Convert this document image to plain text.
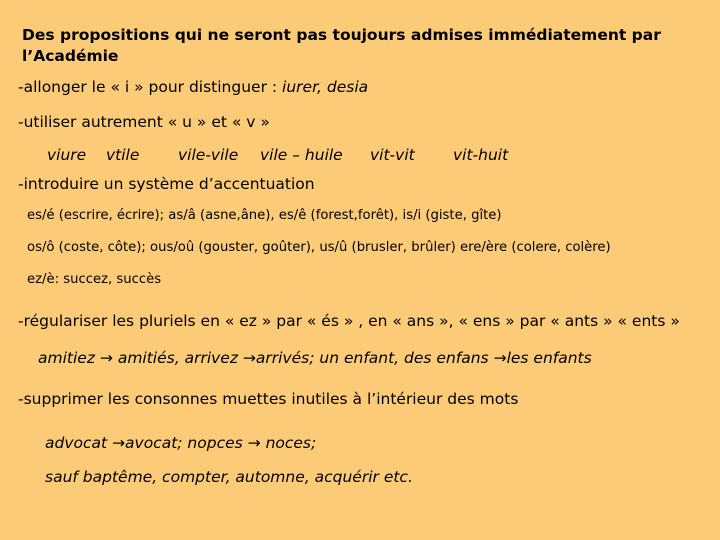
Des propositions qui ne seront pas toujours admises immédiatement par l’Académie
-allonger le « i » pour distinguer : iurer, desia
-utiliser autrement « u » et « v »
viure vtile vile-vile vile – huile vit-vit vit-huit
-introduire un système d’accentuation
es/é (escrire, écrire); as/â (asne,âne), es/ê (forest,forêt), is/i (giste, gîte)
os/ô (coste, côte); ous/oû (gouster, goûter), us/û (brusler, brûler) ere/ère (colere, colère)
ez/è: succez, succès
-régulariser les pluriels en « ez » par « és » , en « ans », « ens » par « ants » « ents »
amitiez → amitiés, arrivez →arrivés; un enfant, des enfans →les enfants
-supprimer les consonnes muettes inutiles à l’intérieur des mots
advocat →avocat; nopces → noces;
sauf baptême, compter, automne, acquérir etc.
